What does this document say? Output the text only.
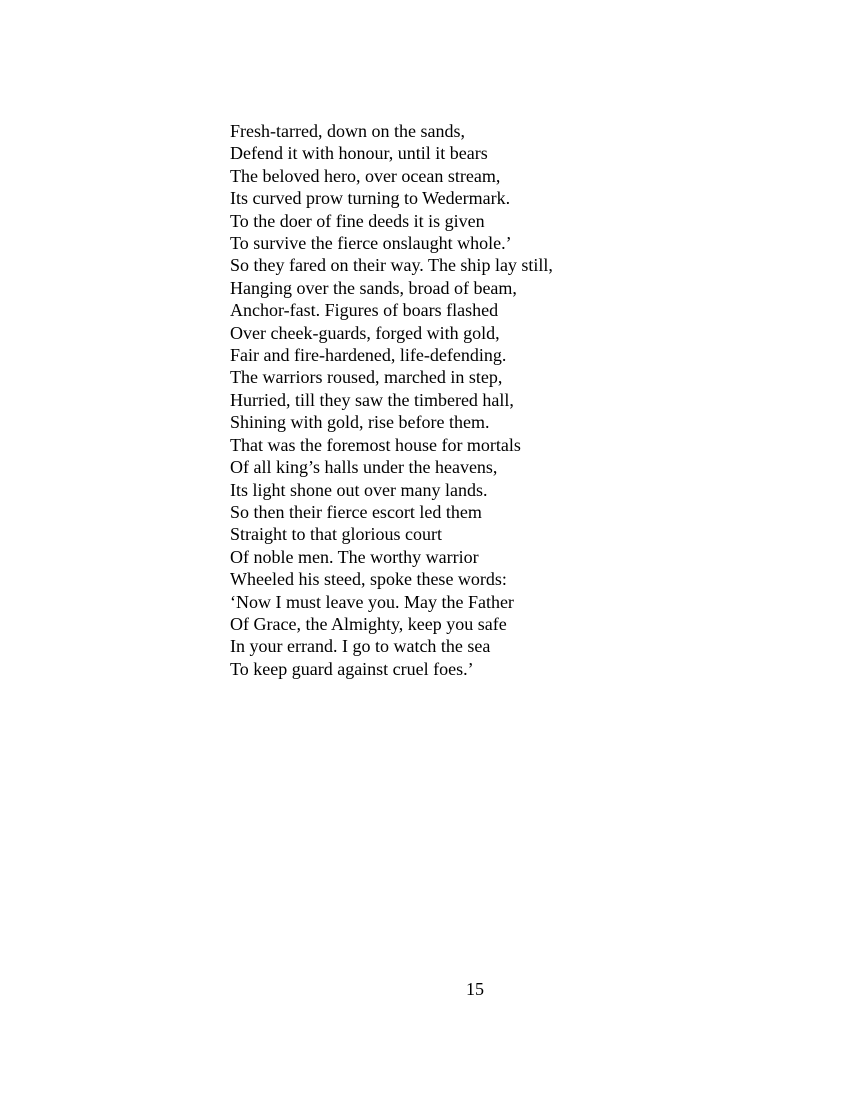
Fresh-tarred, down on the sands,
Defend it with honour, until it bears
The beloved hero, over ocean stream,
Its curved prow turning to Wedermark.
To the doer of fine deeds it is given
To survive the fierce onslaught whole.’
So they fared on their way. The ship lay still,
Hanging over the sands, broad of beam,
Anchor-fast. Figures of boars flashed
Over cheek-guards, forged with gold,
Fair and fire-hardened, life-defending.
The warriors roused, marched in step,
Hurried, till they saw the timbered hall,
Shining with gold, rise before them.
That was the foremost house for mortals
Of all king’s halls under the heavens,
Its light shone out over many lands.
So then their fierce escort led them
Straight to that glorious court
Of noble men. The worthy warrior
Wheeled his steed, spoke these words:
‘Now I must leave you. May the Father
Of Grace, the Almighty, keep you safe
In your errand. I go to watch the sea
To keep guard against cruel foes.’
15
